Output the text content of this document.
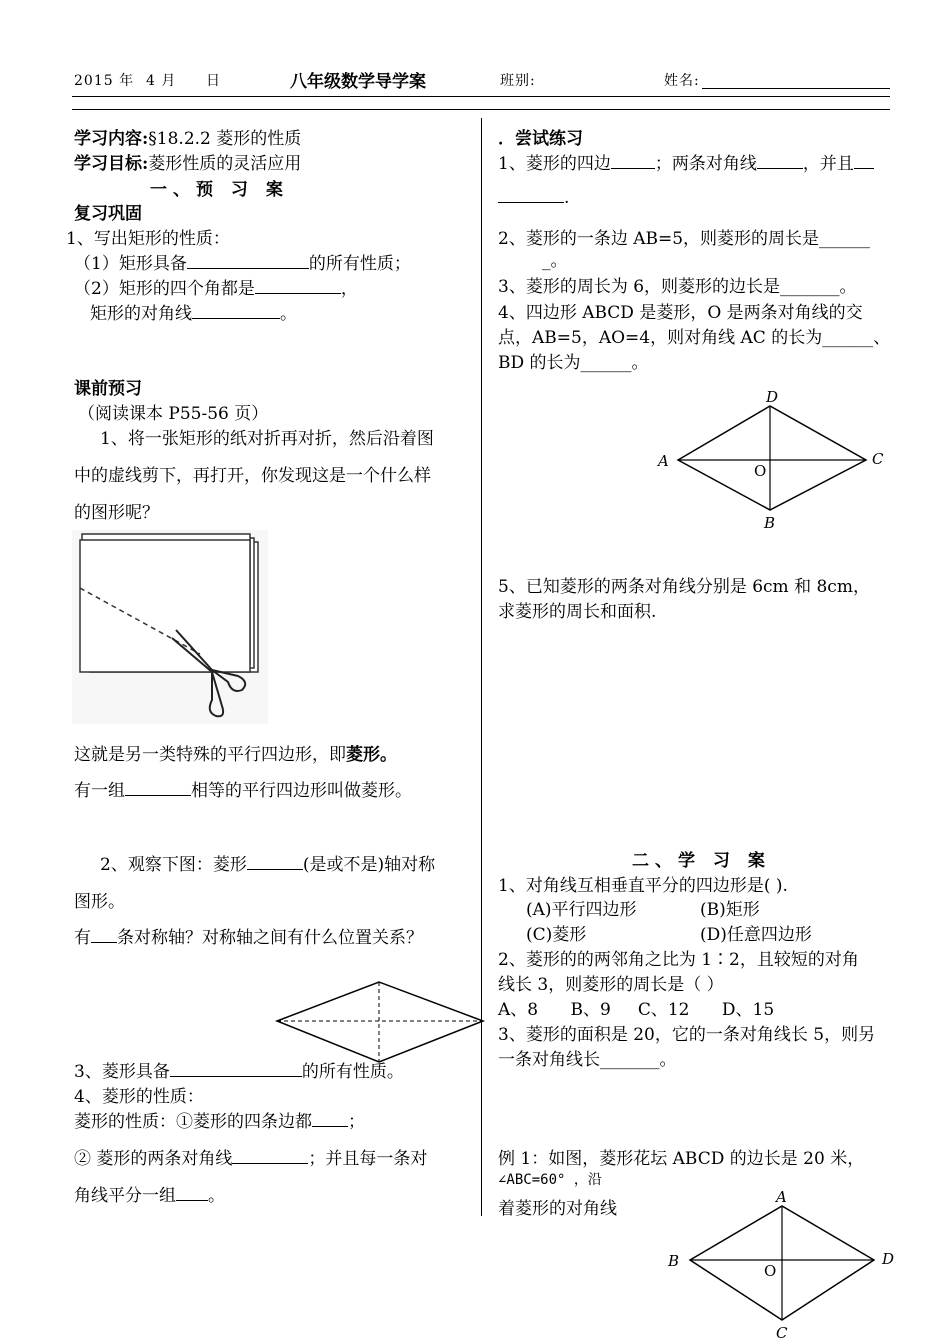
2015 年 4 月 日	八年级数学导学案	班别:	姓名:
学习内容:§18.2.2 菱形的性质
学习目标:菱形性质的灵活应用
一、预 习 案
复习巩固
1、写出矩形的性质：
（1）矩形具备	的所有性质；
（2）矩形的四个角都是	，
矩形的对角线	。
课前预习
（阅读课本 P55-56 页）
1、将一张矩形的纸对折再对折，然后沿着图
中的虚线剪下，再打开，你发现这是一个什么样
的图形呢？
这就是另一类特殊的平行四边形，即菱形。
有一组	相等的平行四边形叫做菱形。
2、观察下图：菱形	(是或不是)轴对称
图形。
有 条对称轴？对称轴之间有什么位置关系？
3、菱形具备	的所有性质。
4、菱形的性质：
菱形的性质：①菱形的四条边都 ；
② 菱形的两条对角线	；并且每一条对
角线平分一组 。
．尝试练习
1、菱形的四边	；两条对角线	，并且
.
2、菱形的一条边 AB=5，则菱形的周长是______
_。
3、菱形的周长为 6，则菱形的边长是_______。
4、四边形 ABCD 是菱形，O 是两条对角线的交
点，AB=5，AO=4，则对角线 AC 的长为______、
BD 的长为______。
D
A	C
B
O
5、已知菱形的两条对角线分别是 6cm 和 8cm，
求菱形的周长和面积.
二、学 习 案
1、对角线互相垂直平分的四边形是( ).
(A)平行四边形	(B)矩形
(C)菱形	(D)任意四边形
2、菱形的的两邻角之比为 1∶2，且较短的对角
线长 3，则菱形的周长是（ ）
A、8      B、9     C、12      D、15
3、菱形的面积是 20，它的一条对角线长 5，则另
一条对角线长_______。
例 1：如图，菱形花坛 ABCD 的边长是 20 米，
∠ABC=60° ，沿
着菱形的对角线
A
B	D
C
O
